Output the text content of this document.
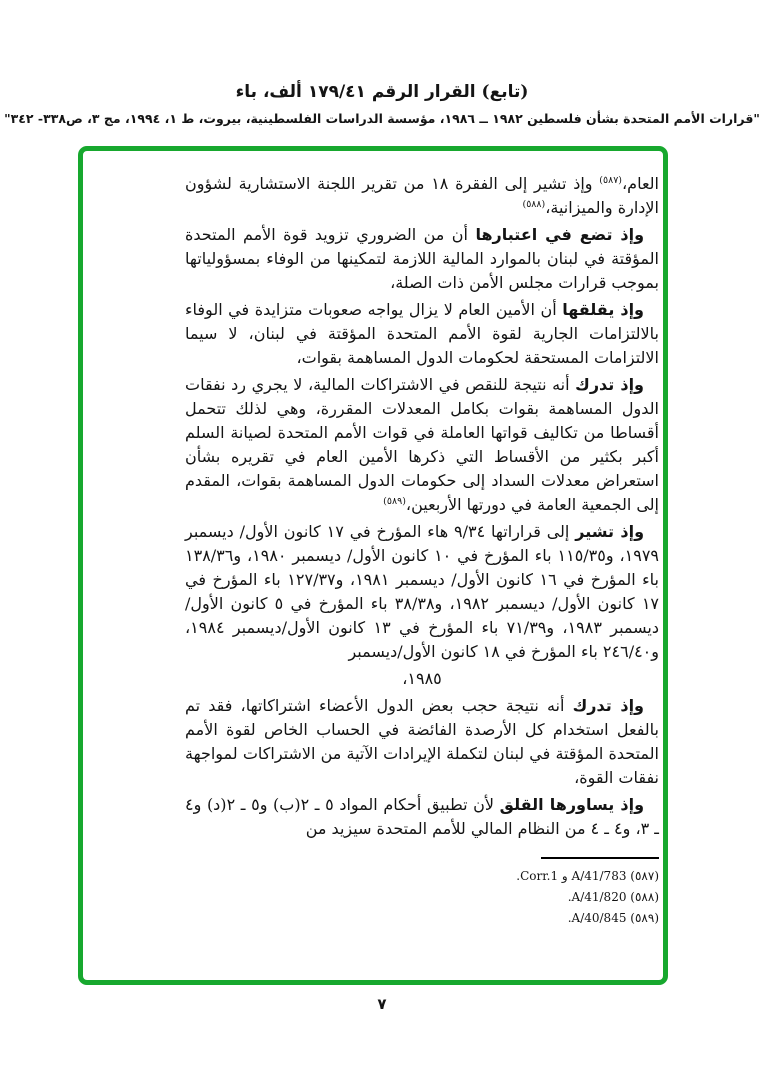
(تابع) القرار الرقم ١٧٩/٤١ ألف، باء
"قرارات الأمم المتحدة بشأن فلسطين ١٩٨٢ ــ ١٩٨٦، مؤسسة الدراسات الفلسطينية، بيروت، ط ١، ١٩٩٤، مج ٣، ص٣٣٨- ٣٤٢"

العام،$^{(٥٨٧)}$ وإذ تشير إلى الفقرة ١٨ من تقرير اللجنة الاستشارية لشؤون الإدارة والميزانية،$^{(٥٨٨)}$

وإذ تضع في اعتبارها أن من الضروري تزويد قوة الأمم المتحدة المؤقتة في لبنان بالموارد المالية اللازمة لتمكينها من الوفاء بمسؤولياتها بموجب قرارات مجلس الأمن ذات الصلة،

وإذ يقلقها أن الأمين العام لا يزال يواجه صعوبات متزايدة في الوفاء بالالتزامات الجارية لقوة الأمم المتحدة المؤقتة في لبنان، لا سيما الالتزامات المستحقة لحكومات الدول المساهمة بقوات،

وإذ تدرك أنه نتيجة للنقص في الاشتراكات المالية، لا يجري رد نفقات الدول المساهمة بقوات بكامل المعدلات المقررة، وهي لذلك تتحمل أقساطا من تكاليف قواتها العاملة في قوات الأمم المتحدة لصيانة السلم أكبر بكثير من الأقساط التي ذكرها الأمين العام في تقريره بشأن استعراض معدلات السداد إلى حكومات الدول المساهمة بقوات، المقدم إلى الجمعية العامة في دورتها الأربعين،$^{(٥٨٩)}$

وإذ تشير إلى قراراتها ٩/٣٤ هاء المؤرخ في ١٧ كانون الأول/ ديسمبر ١٩٧٩، و١١٥/٣٥ باء المؤرخ في ١٠ كانون الأول/ ديسمبر ١٩٨٠، و١٣٨/٣٦ باء المؤرخ في ١٦ كانون الأول/ ديسمبر ١٩٨١، و١٢٧/٣٧ باء المؤرخ في ١٧ كانون الأول/ ديسمبر ١٩٨٢، و٣٨/٣٨ باء المؤرخ في ٥ كانون الأول/ديسمبر ١٩٨٣، و٧١/٣٩ باء المؤرخ في ١٣ كانون الأول/ديسمبر ١٩٨٤، و٢٤٦/٤٠ باء المؤرخ في ١٨ كانون الأول/ديسمبر

١٩٨٥،

وإذ تدرك أنه نتيجة حجب بعض الدول الأعضاء اشتراكاتها، فقد تم بالفعل استخدام كل الأرصدة الفائضة في الحساب الخاص لقوة الأمم المتحدة المؤقتة في لبنان لتكملة الإيرادات الآتية من الاشتراكات لمواجهة نفقات القوة،

وإذ يساورها القلق لأن تطبيق أحكام المواد ٥ ـ ٢(ب) و٥ ـ ٢(د) و٤ ـ ٣، و٤ ـ ٤ من النظام المالي للأمم المتحدة سيزيد من

(٥٨٧) A/41/783 و Corr.1.
(٥٨٨) A/41/820.
(٥٨٩) A/40/845.
٧
